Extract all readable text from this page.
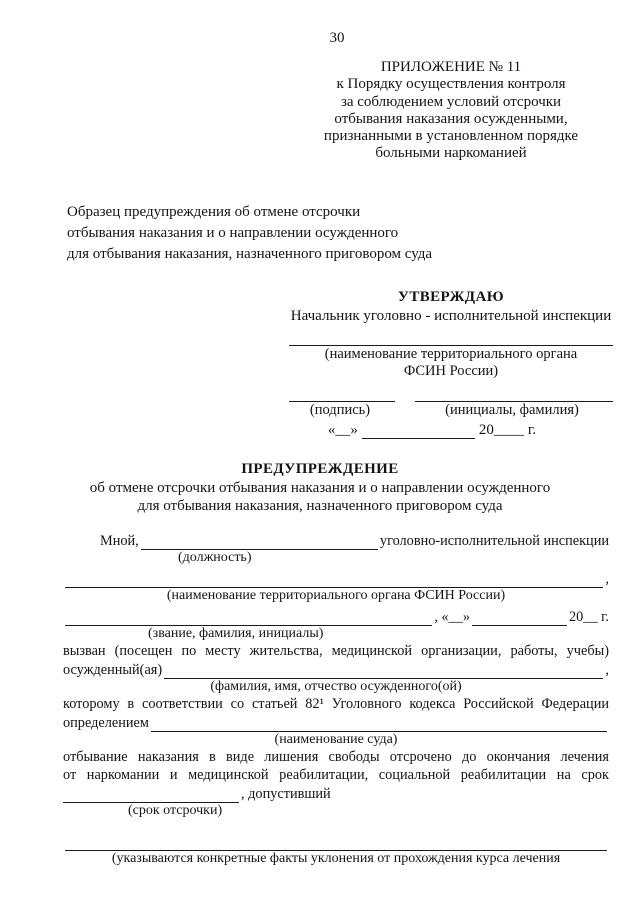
30
ПРИЛОЖЕНИЕ № 11
к Порядку осуществления контроля
за соблюдением условий отсрочки
отбывания наказания осужденными,
признанными в установленном порядке
больными наркоманией
Образец предупреждения об отмене отсрочки
отбывания наказания и о направлении осужденного
для отбывания наказания, назначенного приговором суда
УТВЕРЖДАЮ
Начальник уголовно - исполнительной инспекции
(наименование территориального органа
ФСИН России)
(подпись)	(инициалы, фамилия)
«__»	20____ г.
ПРЕДУПРЕЖДЕНИЕ
об отмене отсрочки отбывания наказания и о направлении осужденного
для отбывания наказания, назначенного приговором суда
Мной,	уголовно-исполнительной инспекции
(должность)
,
(наименование территориального органа ФСИН России)
, «__»	20__ г.
(звание, фамилия, инициалы)
вызван (посещен по месту жительства, медицинской организации, работы, учебы)
осужденный(ая)	,
(фамилия, имя, отчество осужденного(ой)
которому в соответствии со статьей 82¹ Уголовного кодекса Российской Федерации
определением
(наименование суда)
отбывание наказания в виде лишения свободы отсрочено до окончания лечения
от наркомании и медицинской реабилитации, социальной реабилитации на срок
, допустивший
(срок отсрочки)
(указываются конкретные факты уклонения от прохождения курса лечения
